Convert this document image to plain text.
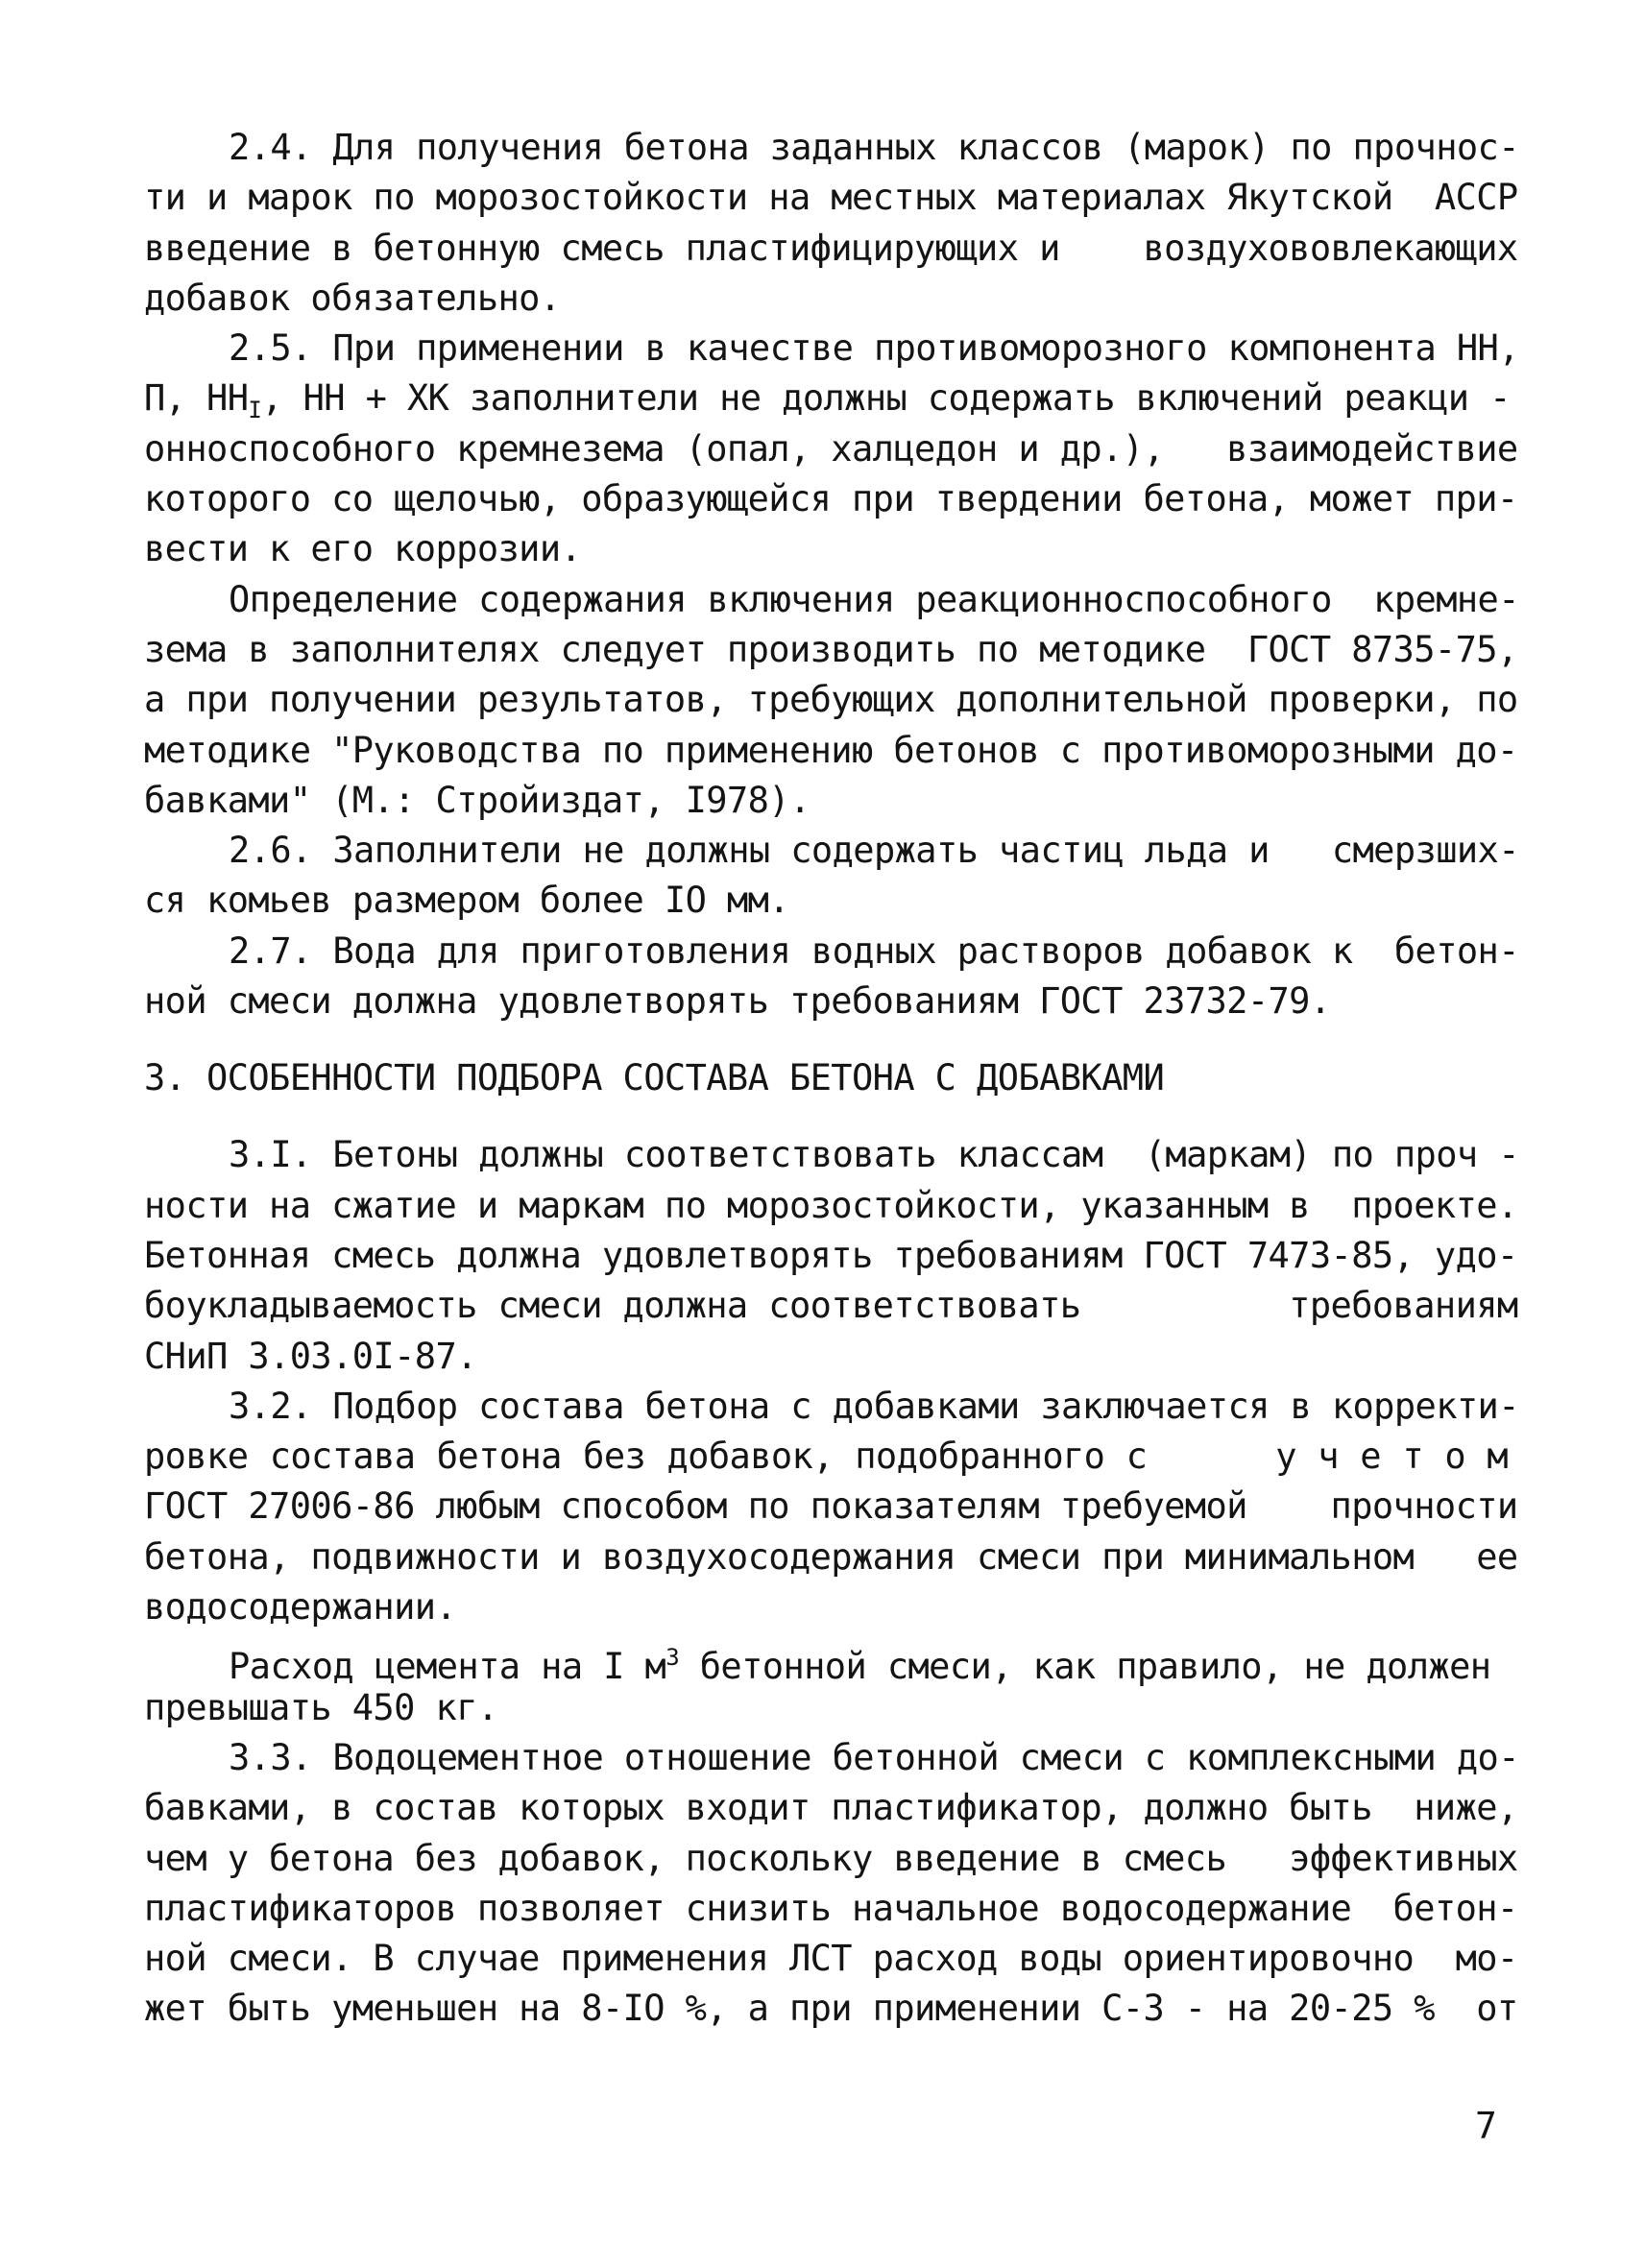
2.4. Для получения бетона заданных классов (марок) по прочнос-
ти и марок по морозостойкости на местных материалах Якутской  АССР
введение в бетонную смесь пластифицирующих и    воздухововлекающих
добавок обязательно.
2.5. При применении в качестве противоморозного компонента НН,
П, $НН_I$, НН + ХК заполнители не должны содержать включений реакци -
онноспособного кремнезема (опал, халцедон и др.),   взаимодействие
которого со щелочью, образующейся при твердении бетона, может при-
вести к его коррозии.
Определение содержания включения реакционноспособного  кремне-
зема в заполнителях следует производить по методике  ГОСТ 8735-75,
а при получении результатов, требующих дополнительной проверки, по
методике "Руководства по применению бетонов с противоморозными до-
бавками" (М.: Стройиздат, I978).
2.6. Заполнители не должны содержать частиц льда и   смерзших-
ся комьев размером более IO мм.
2.7. Вода для приготовления водных растворов добавок к  бетон-
ной смеси должна удовлетворять требованиям ГОСТ 23732-79.
3. ОСОБЕННОСТИ ПОДБОРА СОСТАВА БЕТОНА С ДОБАВКАМИ
3.I. Бетоны должны соответствовать классам  (маркам) по проч -
ности на сжатие и маркам по морозостойкости, указанным в  проекте.
Бетонная смесь должна удовлетворять требованиям ГОСТ 7473-85, удо-
боукладываемость смеси должна соответствовать          требованиям
СНиП 3.03.0I-87.
3.2. Подбор состава бетона с добавками заключается в корректи-
ровке состава бетона без добавок, подобранного с      у ч е т о м
ГОСТ 27006-86 любым способом по показателям требуемой    прочности
бетона, подвижности и воздухосодержания смеси при минимальном   ее
водосодержании.
Расход цемента на I $м^3$ бетонной смеси, как правило, не должен
превышать 450 кг.
3.3. Водоцементное отношение бетонной смеси с комплексными до-
бавками, в состав которых входит пластификатор, должно быть  ниже,
чем у бетона без добавок, поскольку введение в смесь   эффективных
пластификаторов позволяет снизить начальное водосодержание  бетон-
ной смеси. В случае применения ЛСТ расход воды ориентировочно  мо-
жет быть уменьшен на 8-IO %, а при применении С-3 - на 20-25 %  от
7
